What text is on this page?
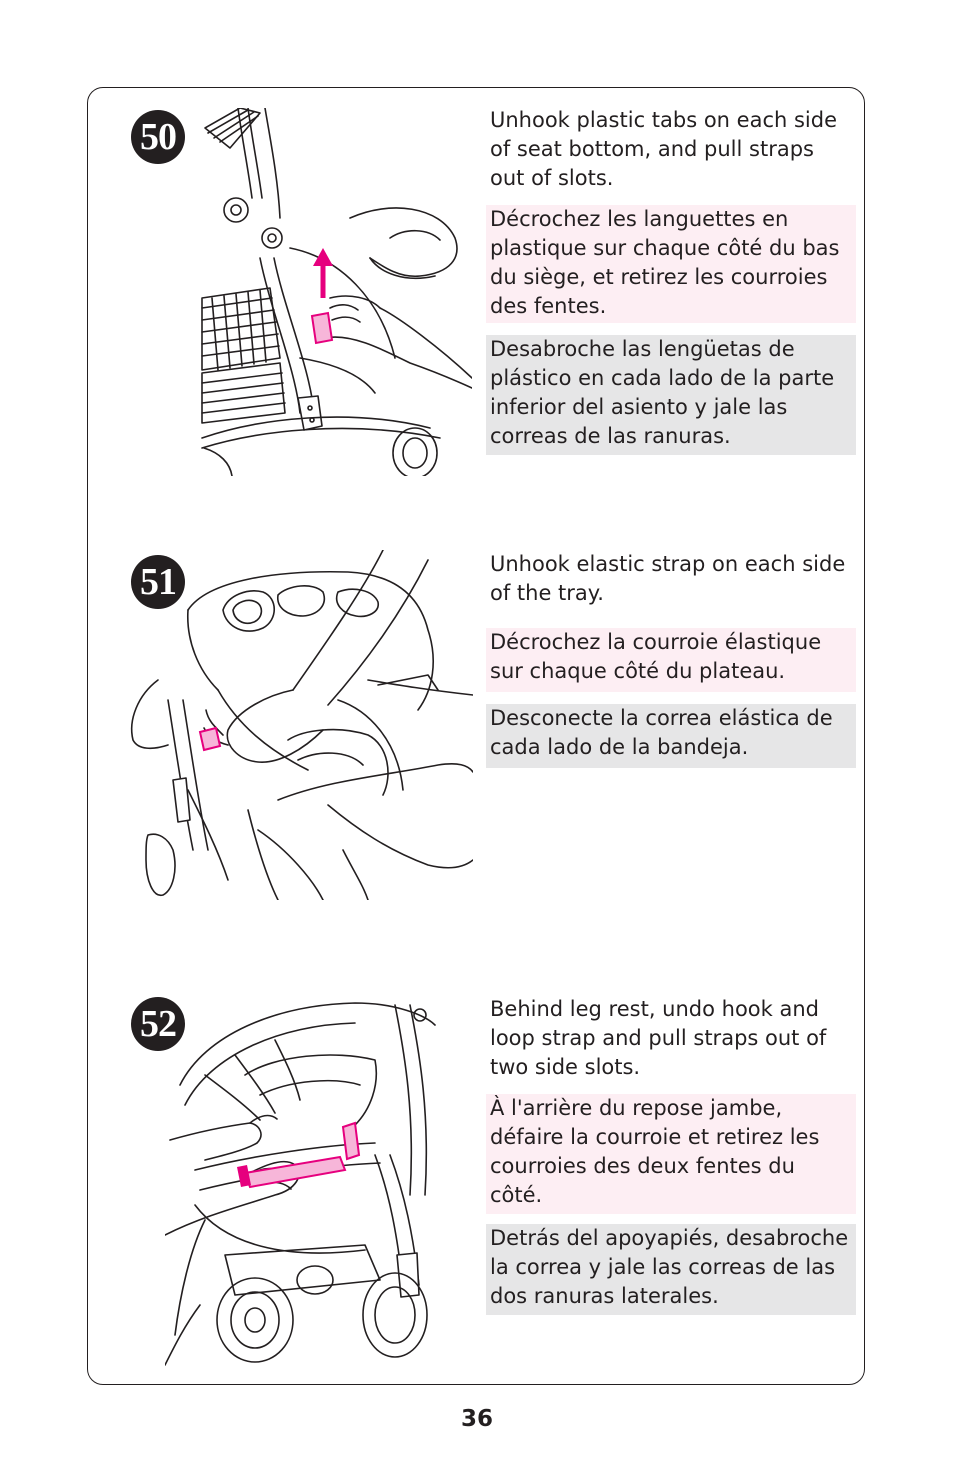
50	Unhook plastic tabs on each side of seat bottom, and pull straps out of slots.
Décrochez les languettes en plastique sur chaque côté du bas du siège, et retirez les courroies des fentes.
Desabroche las lengüetas de plástico en cada lado de la parte inferior del asiento y jale las correas de las ranuras.
51	Unhook elastic strap on each side of the tray.
Décrochez la courroie élastique sur chaque côté du plateau.
Desconecte la correa elástica de cada lado de la bandeja.
52	Behind leg rest, undo hook and loop strap and pull straps out of two side slots.
À l'arrière du repose jambe, défaire la courroie et retirez les courroies des deux fentes du côté.
Detrás del apoyapiés, desabroche la correa y jale las correas de las dos ranuras laterales.
36
